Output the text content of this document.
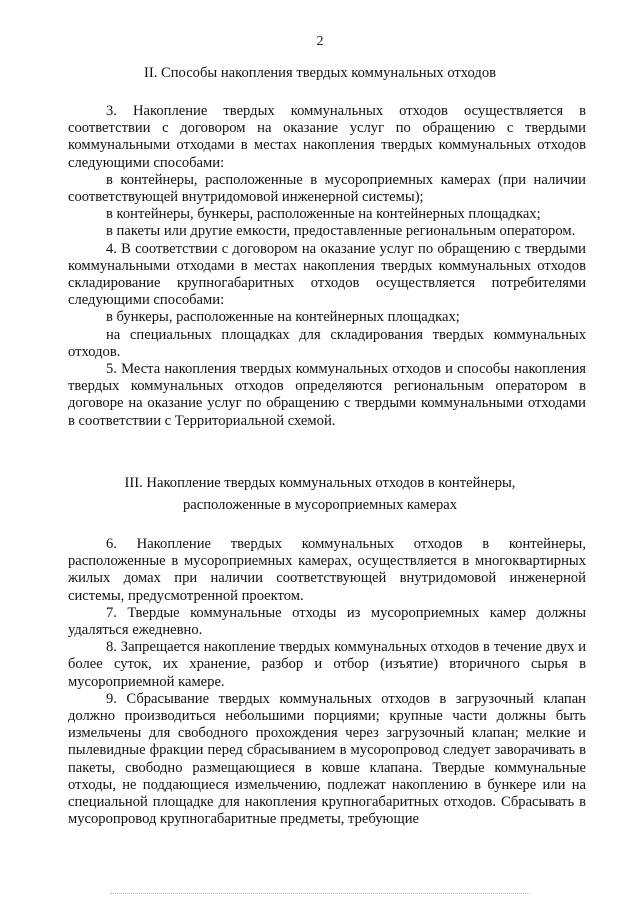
2
II. Способы накопления твердых коммунальных отходов

3. Накопление твердых коммунальных отходов осуществляется в соответствии с договором на оказание услуг по обращению с твердыми коммунальными отходами в местах накопления твердых коммунальных отходов следующими способами:

в контейнеры, расположенные в мусороприемных камерах (при наличии соответствующей внутридомовой инженерной системы);

в контейнеры, бункеры, расположенные на контейнерных площадках;

в пакеты или другие емкости, предоставленные региональным оператором.

4. В соответствии с договором на оказание услуг по обращению с твердыми коммунальными отходами в местах накопления твердых коммунальных отходов складирование крупногабаритных отходов осуществляется потребителями следующими способами:

в бункеры, расположенные на контейнерных площадках;

на специальных площадках для складирования твердых коммунальных отходов.

5. Места накопления твердых коммунальных отходов и способы накопления твердых коммунальных отходов определяются региональным оператором в договоре на оказание услуг по обращению с твердыми коммунальными отходами в соответствии с Территориальной схемой.

III. Накопление твердых коммунальных отходов в контейнеры,
расположенные в мусороприемных камерах

6. Накопление твердых коммунальных отходов в контейнеры, расположенные в мусороприемных камерах, осуществляется в многоквартирных жилых домах при наличии соответствующей внутридомовой инженерной системы, предусмотренной проектом.

7. Твердые коммунальные отходы из мусороприемных камер должны удаляться ежедневно.

8. Запрещается накопление твердых коммунальных отходов в течение двух и более суток, их хранение, разбор и отбор (изъятие) вторичного сырья в мусороприемной камере.

9. Сбрасывание твердых коммунальных отходов в загрузочный клапан должно производиться небольшими порциями; крупные части должны быть измельчены для свободного прохождения через загрузочный клапан; мелкие и пылевидные фракции перед сбрасыванием в мусоропровод следует заворачивать в пакеты, свободно размещающиеся в ковше клапана. Твердые коммунальные отходы, не поддающиеся измельчению, подлежат накоплению в бункере или на специальной площадке для накопления крупногабаритных отходов. Сбрасывать в мусоропровод крупногабаритные предметы, требующие
